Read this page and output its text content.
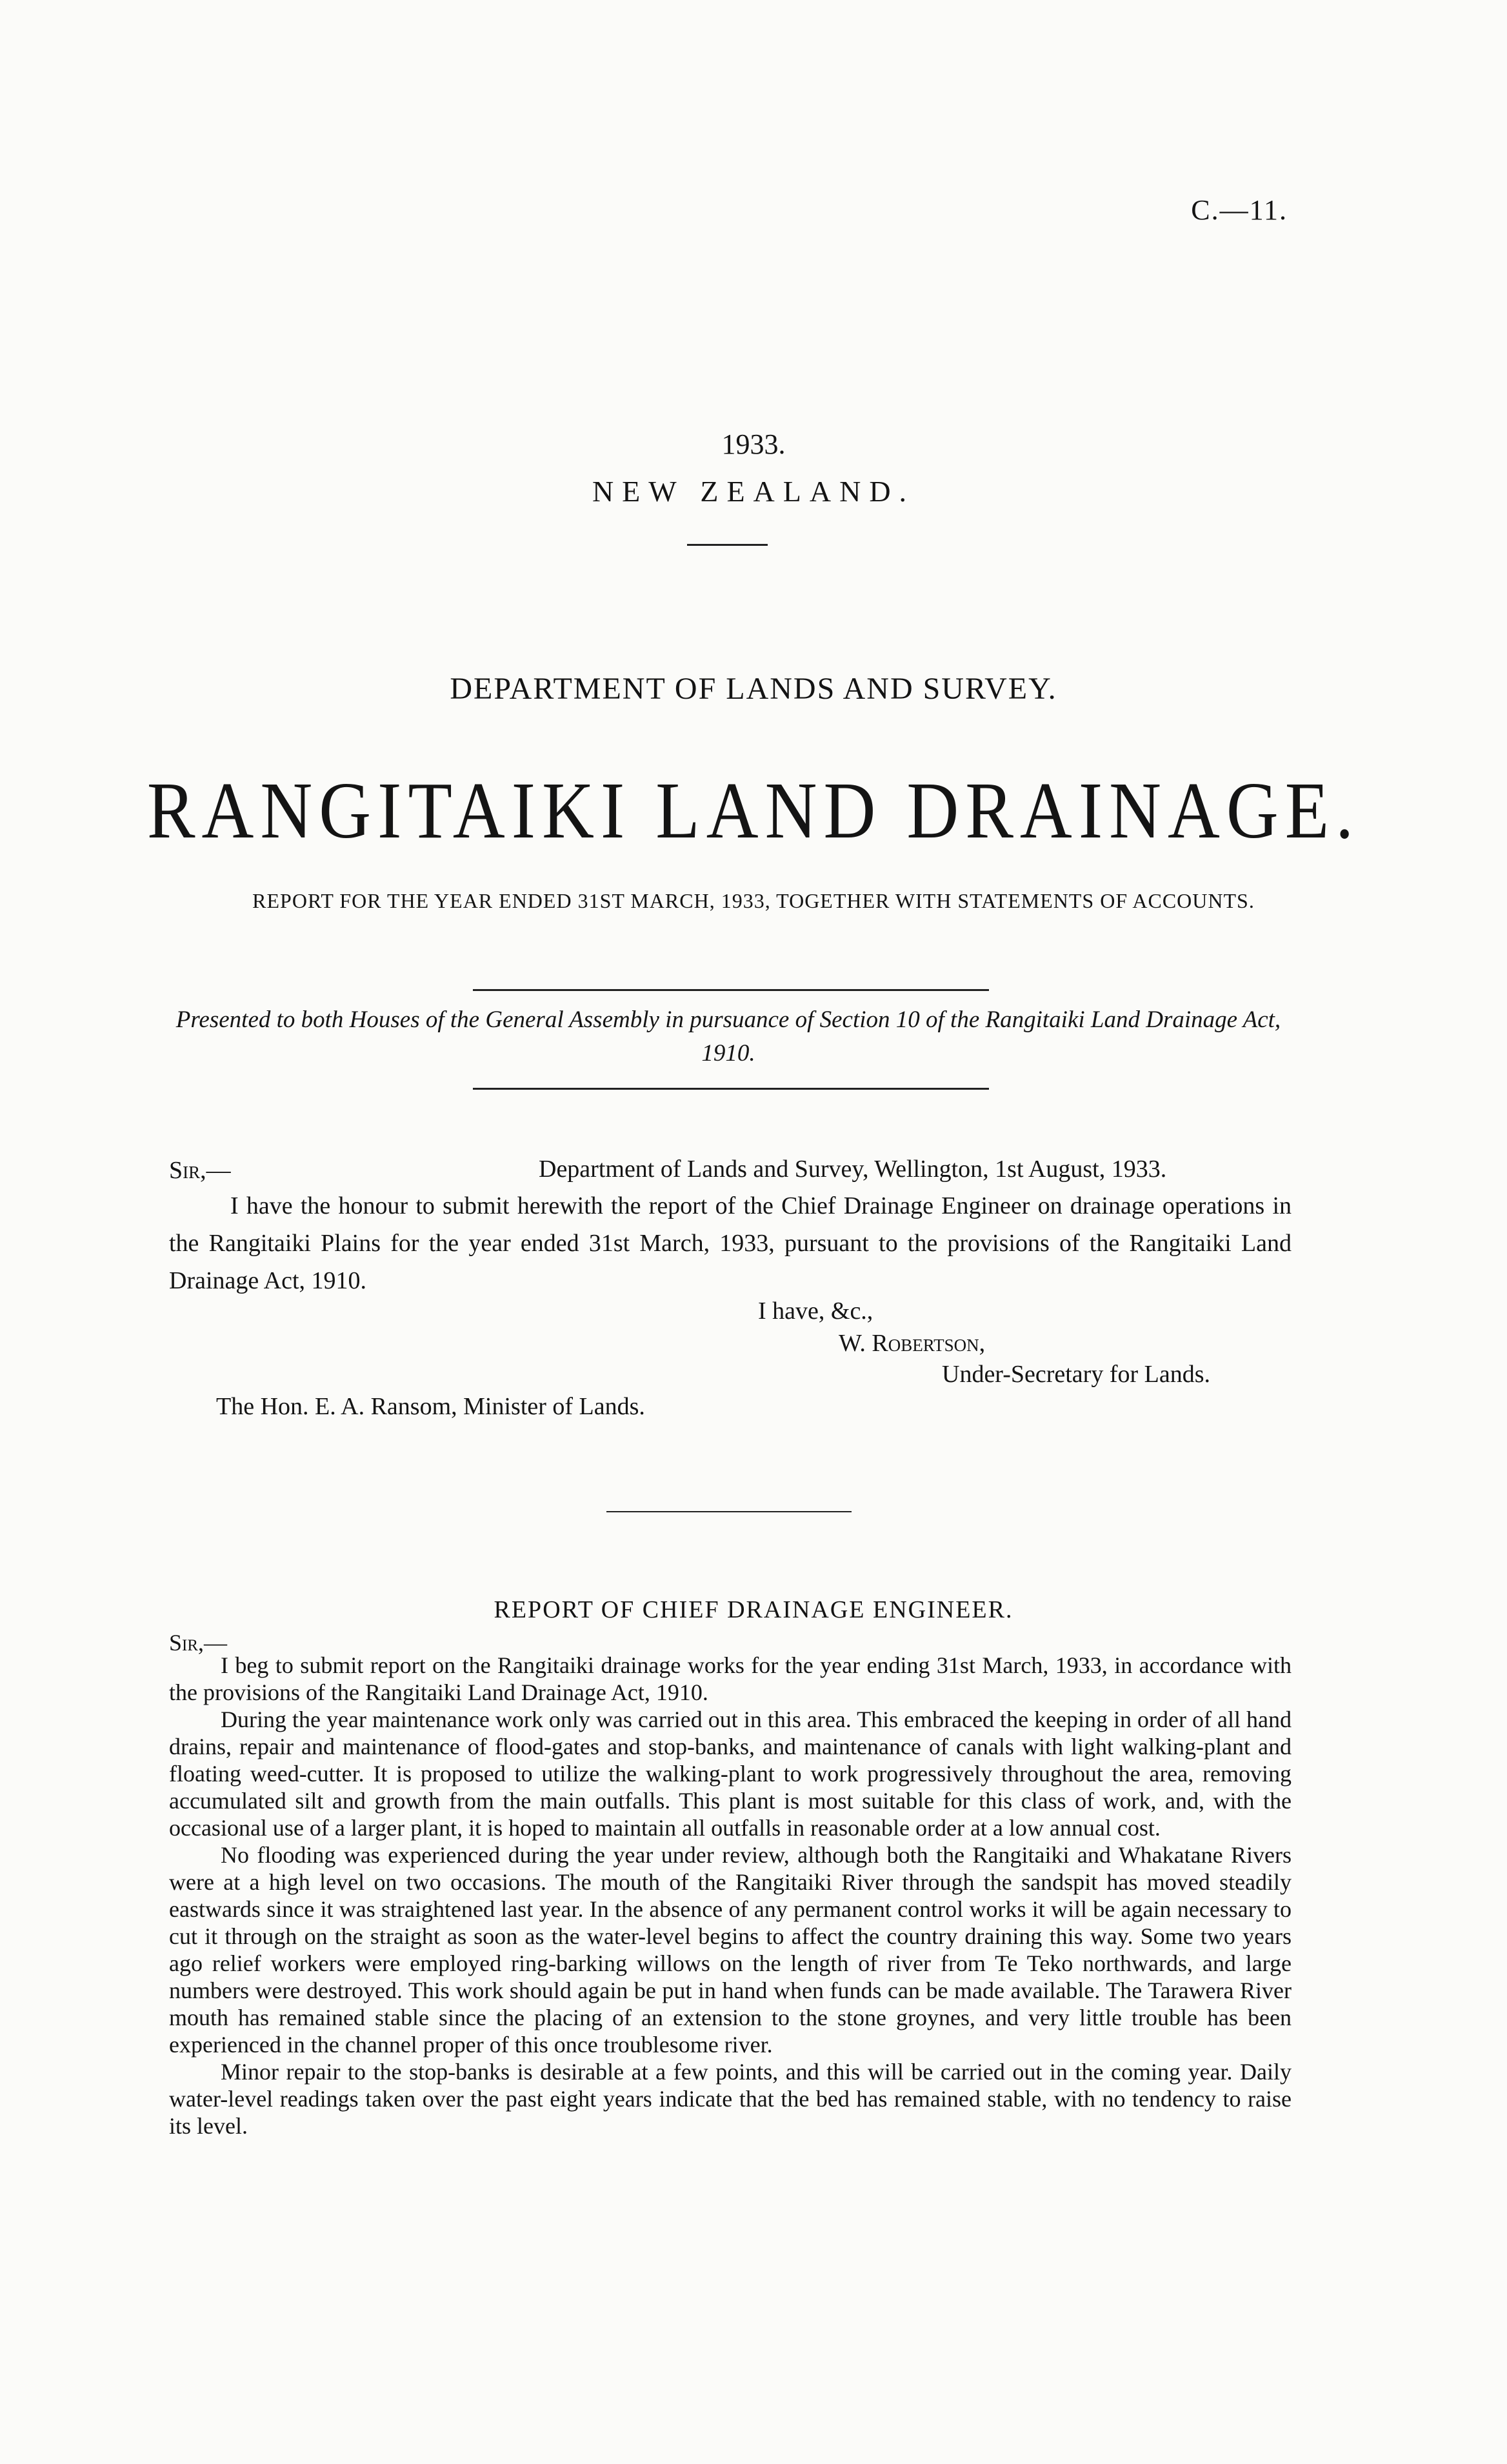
C.—11.
1933.
NEW ZEALAND.
DEPARTMENT OF LANDS AND SURVEY.
RANGITAIKI LAND DRAINAGE.
REPORT FOR THE YEAR ENDED 31ST MARCH, 1933, TOGETHER WITH STATEMENTS OF ACCOUNTS.
Presented to both Houses of the General Assembly in pursuance of Section 10 of the Rangitaiki Land Drainage Act, 1910.
Sir,—	Department of Lands and Survey, Wellington, 1st August, 1933.
I have the honour to submit herewith the report of the Chief Drainage Engineer on drainage operations in the Rangitaiki Plains for the year ended 31st March, 1933, pursuant to the provisions of the Rangitaiki Land Drainage Act, 1910.
I have, &c.,
W. Robertson,
Under-Secretary for Lands.
The Hon. E. A. Ransom, Minister of Lands.
REPORT OF CHIEF DRAINAGE ENGINEER.
Sir,—

I beg to submit report on the Rangitaiki drainage works for the year ending 31st March, 1933, in accordance with the provisions of the Rangitaiki Land Drainage Act, 1910.

During the year maintenance work only was carried out in this area. This embraced the keeping in order of all hand drains, repair and maintenance of flood-gates and stop-banks, and maintenance of canals with light walking-plant and floating weed-cutter. It is proposed to utilize the walking-plant to work progressively throughout the area, removing accumulated silt and growth from the main outfalls. This plant is most suitable for this class of work, and, with the occasional use of a larger plant, it is hoped to maintain all outfalls in reasonable order at a low annual cost.

No flooding was experienced during the year under review, although both the Rangitaiki and Whakatane Rivers were at a high level on two occasions. The mouth of the Rangitaiki River through the sandspit has moved steadily eastwards since it was straightened last year. In the absence of any permanent control works it will be again necessary to cut it through on the straight as soon as the water-level begins to affect the country draining this way. Some two years ago relief workers were employed ring-barking willows on the length of river from Te Teko northwards, and large numbers were destroyed. This work should again be put in hand when funds can be made available. The Tarawera River mouth has remained stable since the placing of an extension to the stone groynes, and very little trouble has been experienced in the channel proper of this once troublesome river.

Minor repair to the stop-banks is desirable at a few points, and this will be carried out in the coming year. Daily water-level readings taken over the past eight years indicate that the bed has remained stable, with no tendency to raise its level.
